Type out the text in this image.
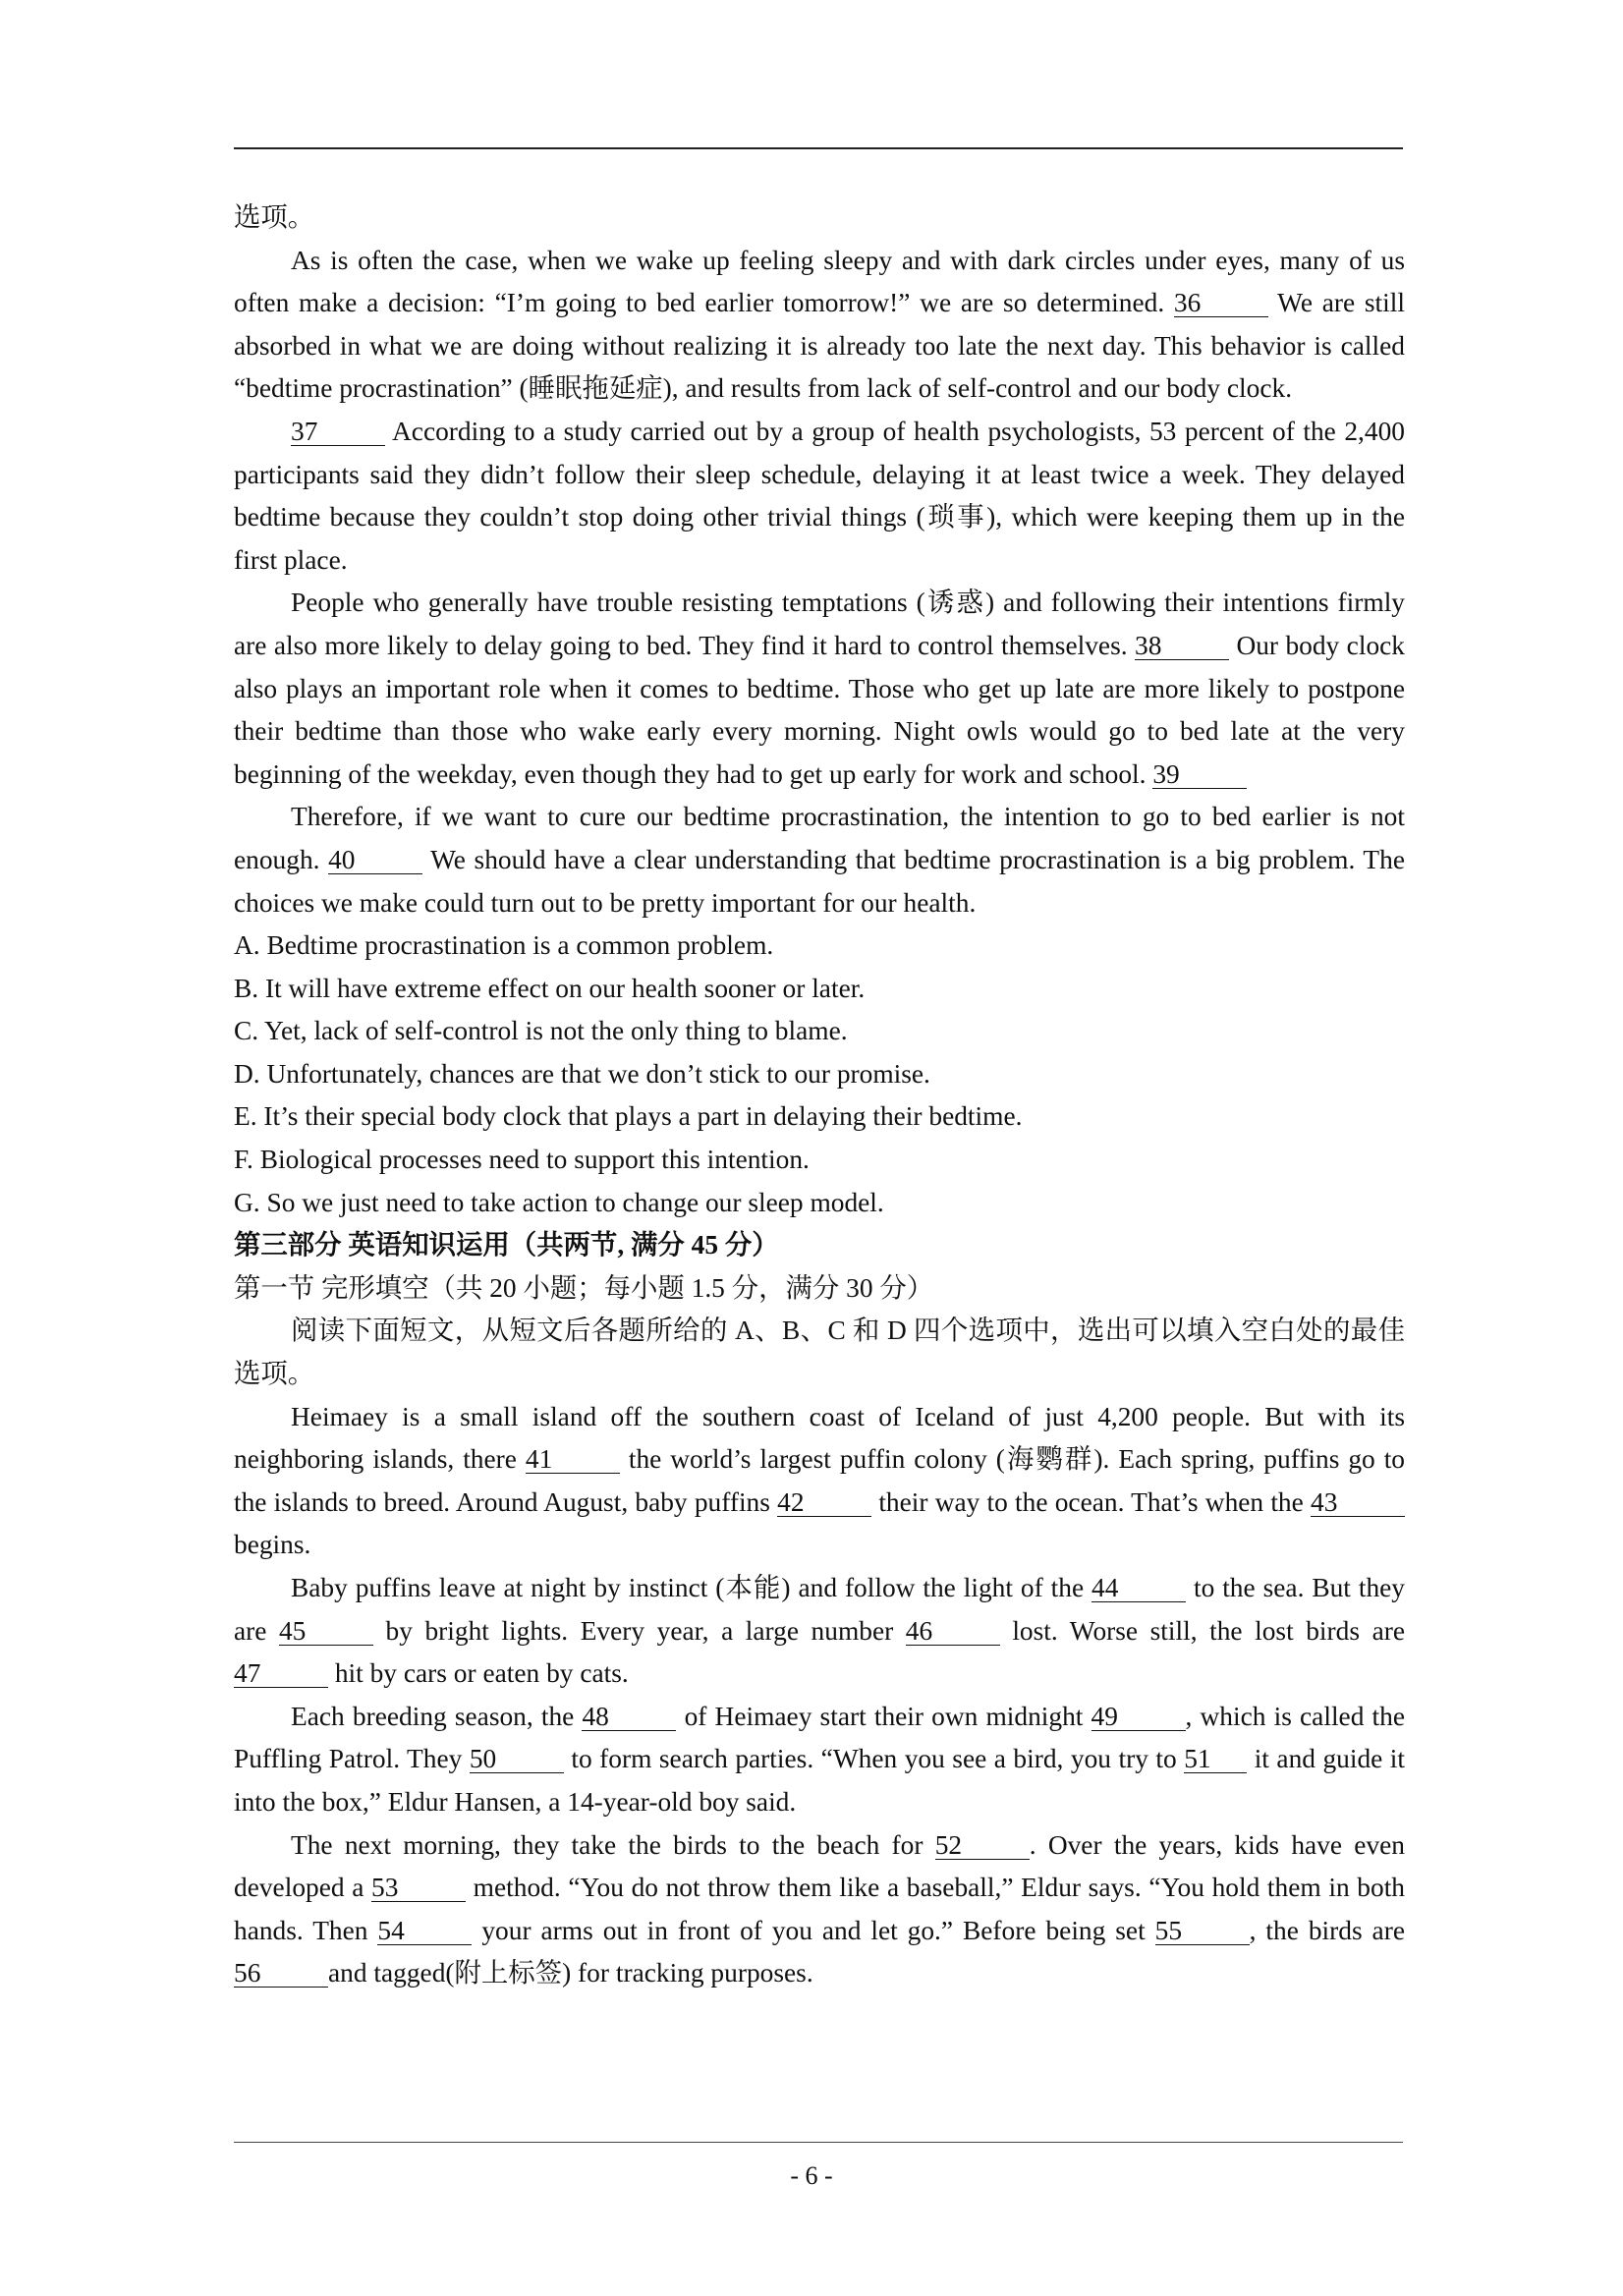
选项。

As is often the case, when we wake up feeling sleepy and with dark circles under eyes, many of us often make a decision: “I’m going to bed earlier tomorrow!” we are so determined. 36	We are still absorbed in what we are doing without realizing it is already too late the next day. This behavior is called “bedtime procrastination” (睡眠拖延症), and results from lack of self-control and our body clock.

37	According to a study carried out by a group of health psychologists, 53 percent of the 2,400 participants said they didn’t follow their sleep schedule, delaying it at least twice a week. They delayed bedtime because they couldn’t stop doing other trivial things (琐事), which were keeping them up in the first place.

People who generally have trouble resisting temptations (诱惑) and following their intentions firmly are also more likely to delay going to bed. They find it hard to control themselves. 38	Our body clock also plays an important role when it comes to bedtime. Those who get up late are more likely to postpone their bedtime than those who wake early every morning. Night owls would go to bed late at the very beginning of the weekday, even though they had to get up early for work and school. 39

Therefore, if we want to cure our bedtime procrastination, the intention to go to bed earlier is not enough. 40	We should have a clear understanding that bedtime procrastination is a big problem. The choices we make could turn out to be pretty important for our health.

A. Bedtime procrastination is a common problem.

B. It will have extreme effect on our health sooner or later.

C. Yet, lack of self-control is not the only thing to blame.

D. Unfortunately, chances are that we don’t stick to our promise.

E. It’s their special body clock that plays a part in delaying their bedtime.

F. Biological processes need to support this intention.

G. So we just need to take action to change our sleep model.

第三部分 英语知识运用（共两节, 满分 45 分）

第一节 完形填空（共 20 小题；每小题 1.5 分，满分 30 分）

阅读下面短文，从短文后各题所给的 A、B、C 和 D 四个选项中，选出可以填入空白处的最佳选项。

Heimaey is a small island off the southern coast of Iceland of just 4,200 people. But with its neighboring islands, there 41	the world’s largest puffin colony (海鹦群). Each spring, puffins go to the islands to breed. Around August, baby puffins 42	their way to the ocean. That’s when the 43 begins.

Baby puffins leave at night by instinct (本能) and follow the light of the 44	to the sea. But they are 45	by bright lights. Every year, a large number 46	lost. Worse still, the lost birds are 47	hit by cars or eaten by cats.

Each breeding season, the 48	of Heimaey start their own midnight 49	, which is called the Puffling Patrol. They 50	to form search parties. “When you see a bird, you try to 51 it and guide it into the box,” Eldur Hansen, a 14-year-old boy said.

The next morning, they take the birds to the beach for 52	. Over the years, kids have even developed a 53	method. “You do not throw them like a baseball,” Eldur says. “You hold them in both hands. Then 54	your arms out in front of you and let go.” Before being set 55	, the birds are 56	and tagged(附上标签) for tracking purposes.

- 6 -
